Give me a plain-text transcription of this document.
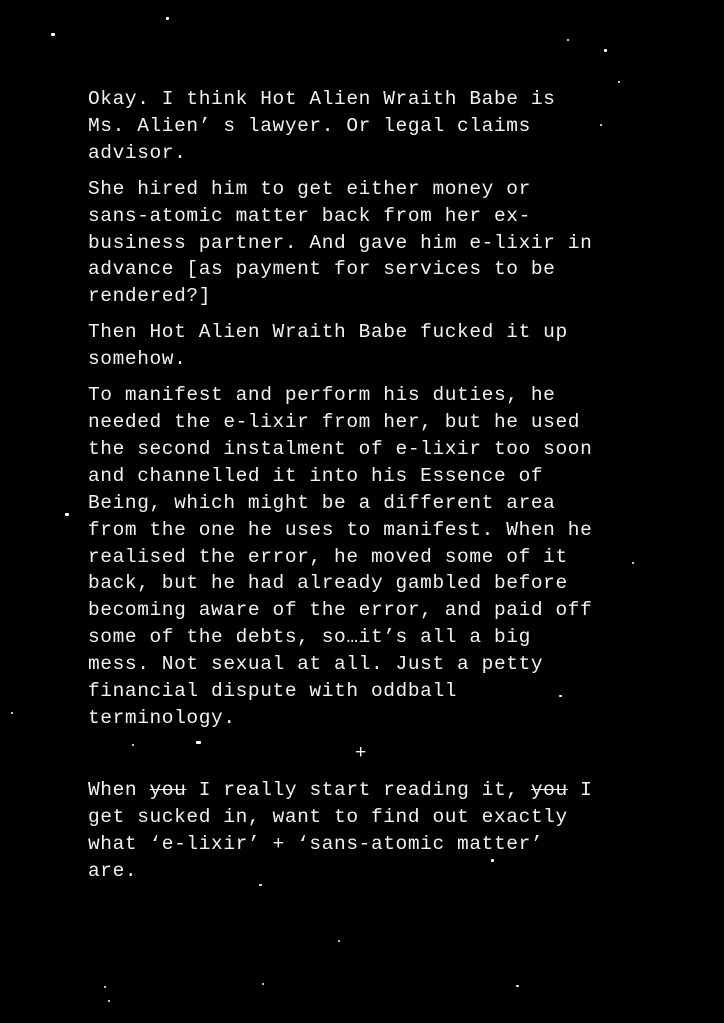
Okay. I think Hot Alien Wraith Babe is
Ms. Alien’ s lawyer. Or legal claims
advisor.

She hired him to get either money or
sans-atomic matter back from her ex-
business partner. And gave him e-lixir in
advance [as payment for services to be
rendered?]

Then Hot Alien Wraith Babe fucked it up
somehow.

To manifest and perform his duties, he
needed the e-lixir from her, but he used
the second instalment of e-lixir too soon
and channelled it into his Essence of
Being, which might be a different area
from the one he uses to manifest. When he
realised the error, he moved some of it
back, but he had already gambled before
becoming aware of the error, and paid off
some of the debts, so…it’s all a big
mess. Not sexual at all. Just a petty
financial dispute with oddball
terminology.

+
When you I really start reading it, you I
get sucked in, want to find out exactly
what ‘e-lixir’ + ‘sans-atomic matter’
are.
